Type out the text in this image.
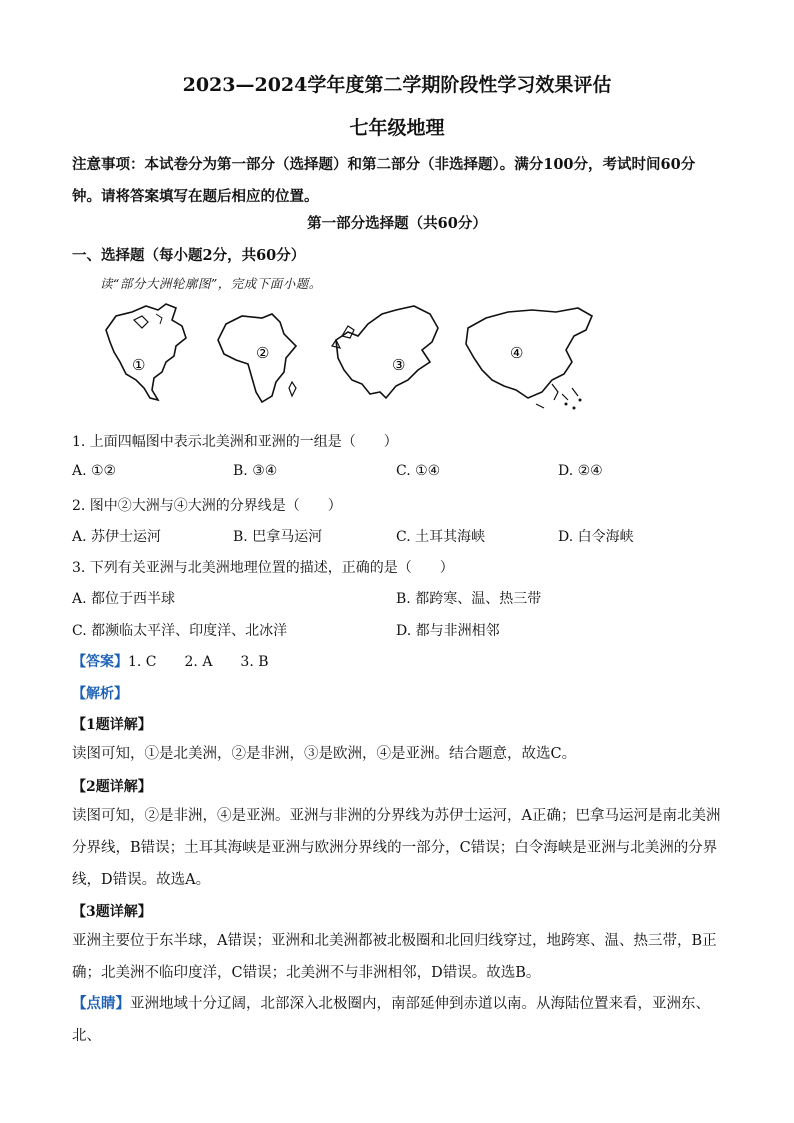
2023—2024学年度第二学期阶段性学习效果评估
七年级地理
注意事项：本试卷分为第一部分（选择题）和第二部分（非选择题）。满分100分，考试时间60分钟。请将答案填写在题后相应的位置。
第一部分选择题（共60分）
一、选择题（每小题2分，共60分）
读“部分大洲轮廓图”，完成下面小题。
①
②
③
④
1. 上面四幅图中表示北美洲和亚洲的一组是（　　）
A. ①②	B. ③④	C. ①④	D. ②④
2. 图中②大洲与④大洲的分界线是（　　）
A. 苏伊士运河	B. 巴拿马运河	C. 土耳其海峡	D. 白令海峡
3. 下列有关亚洲与北美洲地理位置的描述，正确的是（　　）
A. 都位于西半球	B. 都跨寒、温、热三带
C. 都濒临太平洋、印度洋、北冰洋	D. 都与非洲相邻
【答案】1. C　　2. A　　3. B
【解析】
【1题详解】
读图可知，①是北美洲，②是非洲，③是欧洲，④是亚洲。结合题意，故选C。
【2题详解】
读图可知，②是非洲，④是亚洲。亚洲与非洲的分界线为苏伊士运河，A正确；巴拿马运河是南北美洲分界线，B错误；土耳其海峡是亚洲与欧洲分界线的一部分，C错误；白令海峡是亚洲与北美洲的分界线，D错误。故选A。
【3题详解】
亚洲主要位于东半球，A错误；亚洲和北美洲都被北极圈和北回归线穿过，地跨寒、温、热三带，B正确；北美洲不临印度洋，C错误；北美洲不与非洲相邻，D错误。故选B。
【点睛】亚洲地域十分辽阔，北部深入北极圈内，南部延伸到赤道以南。从海陆位置来看，亚洲东、北、
